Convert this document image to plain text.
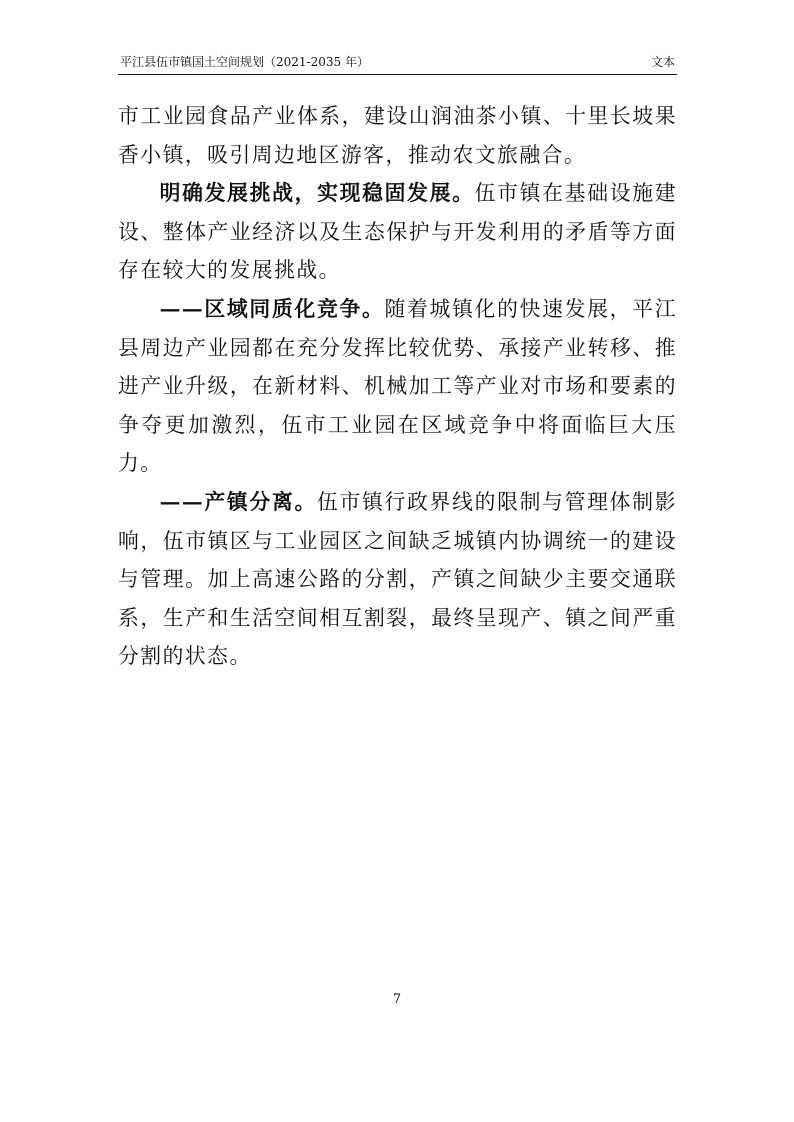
平江县伍市镇国土空间规划（2021-2035 年）	文本

市工业园食品产业体系，建设山润油茶小镇、十里长坡果香小镇，吸引周边地区游客，推动农文旅融合。

明确发展挑战，实现稳固发展。伍市镇在基础设施建设、整体产业经济以及生态保护与开发利用的矛盾等方面存在较大的发展挑战。

——区域同质化竞争。随着城镇化的快速发展，平江县周边产业园都在充分发挥比较优势、承接产业转移、推进产业升级，在新材料、机械加工等产业对市场和要素的争夺更加激烈，伍市工业园在区域竞争中将面临巨大压力。

——产镇分离。伍市镇行政界线的限制与管理体制影响，伍市镇区与工业园区之间缺乏城镇内协调统一的建设与管理。加上高速公路的分割，产镇之间缺少主要交通联系，生产和生活空间相互割裂，最终呈现产、镇之间严重分割的状态。

7
